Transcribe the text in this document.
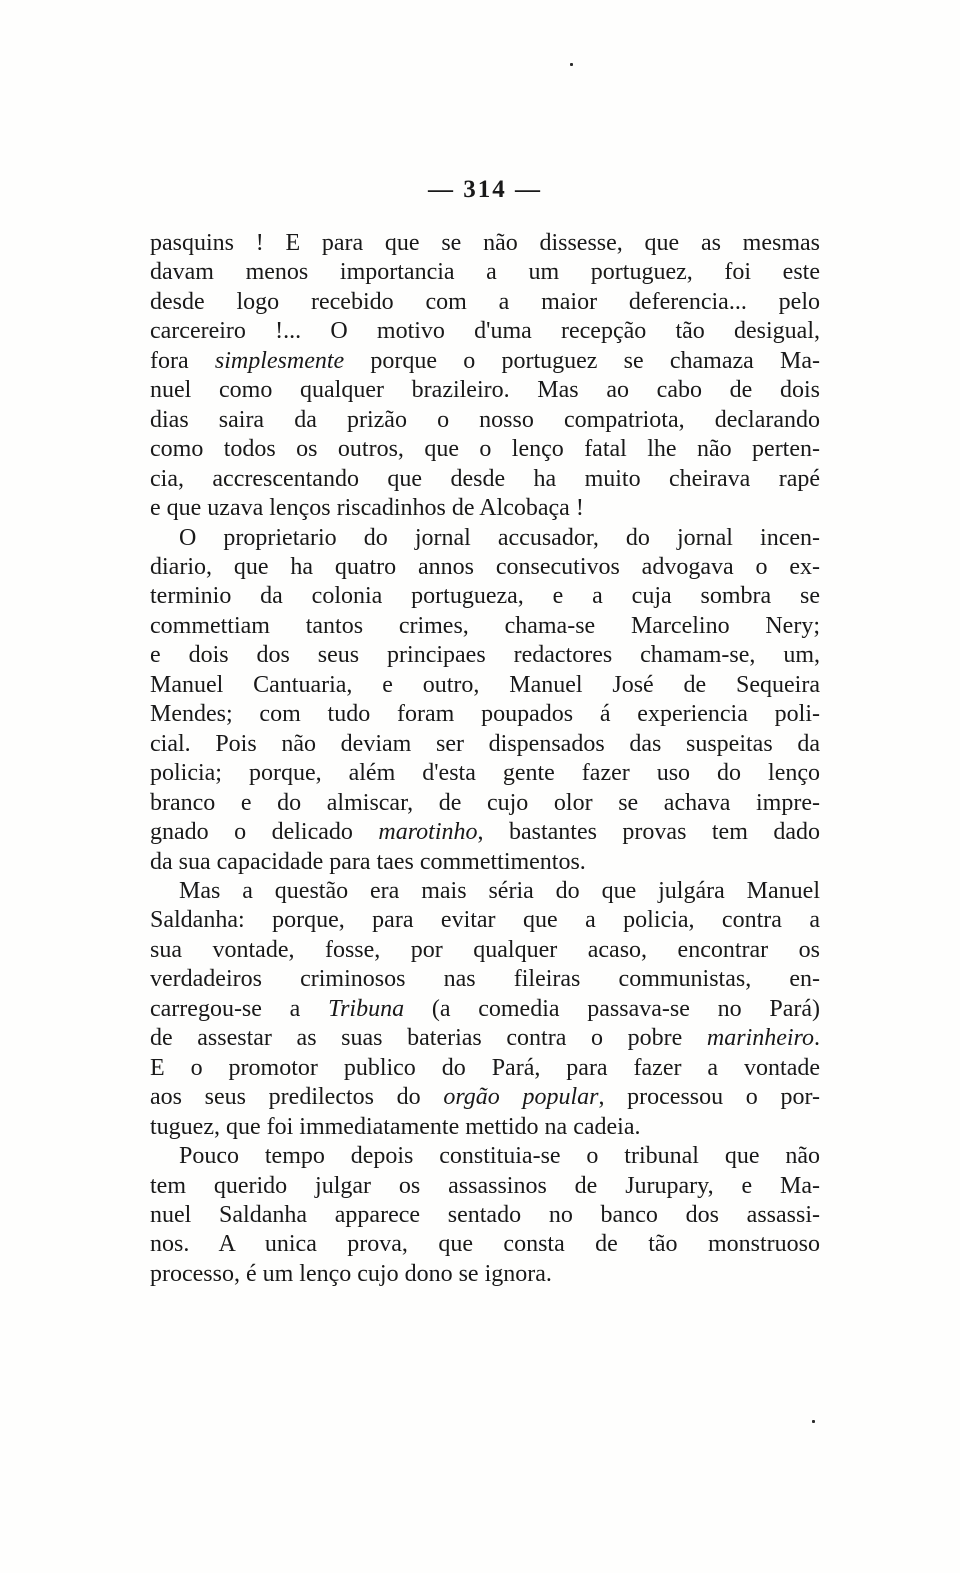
— 314 —
pasquins ! E para que se não dissesse, que as mesmas
davam menos importancia a um portuguez, foi este
desde logo recebido com a maior deferencia... pelo
carcereiro !... O motivo d'uma recepção tão desigual,
fora simplesmente porque o portuguez se chamaza Ma-
nuel como qualquer brazileiro. Mas ao cabo de dois
dias saira da prizão o nosso compatriota, declarando
como todos os outros, que o lenço fatal lhe não perten-
cia, accrescentando que desde ha muito cheirava rapé
e que uzava lenços riscadinhos de Alcobaça !
O proprietario do jornal accusador, do jornal incen-
diario, que ha quatro annos consecutivos advogava o ex-
terminio da colonia portugueza, e a cuja sombra se
commettiam tantos crimes, chama-se Marcelino Nery;
e dois dos seus principaes redactores chamam-se, um,
Manuel Cantuaria, e outro, Manuel José de Sequeira
Mendes; com tudo foram poupados á experiencia poli-
cial. Pois não deviam ser dispensados das suspeitas da
policia; porque, além d'esta gente fazer uso do lenço
branco e do almiscar, de cujo olor se achava impre-
gnado o delicado marotinho, bastantes provas tem dado
da sua capacidade para taes commettimentos.
Mas a questão era mais séria do que julgára Manuel
Saldanha: porque, para evitar que a policia, contra a
sua vontade, fosse, por qualquer acaso, encontrar os
verdadeiros criminosos nas fileiras communistas, en-
carregou-se a Tribuna (a comedia passava-se no Pará)
de assestar as suas baterias contra o pobre marinheiro.
E o promotor publico do Pará, para fazer a vontade
aos seus predilectos do orgão popular, processou o por-
tuguez, que foi immediatamente mettido na cadeia.
Pouco tempo depois constituia-se o tribunal que não
tem querido julgar os assassinos de Jurupary, e Ma-
nuel Saldanha apparece sentado no banco dos assassi-
nos. A unica prova, que consta de tão monstruoso
processo, é um lenço cujo dono se ignora.
